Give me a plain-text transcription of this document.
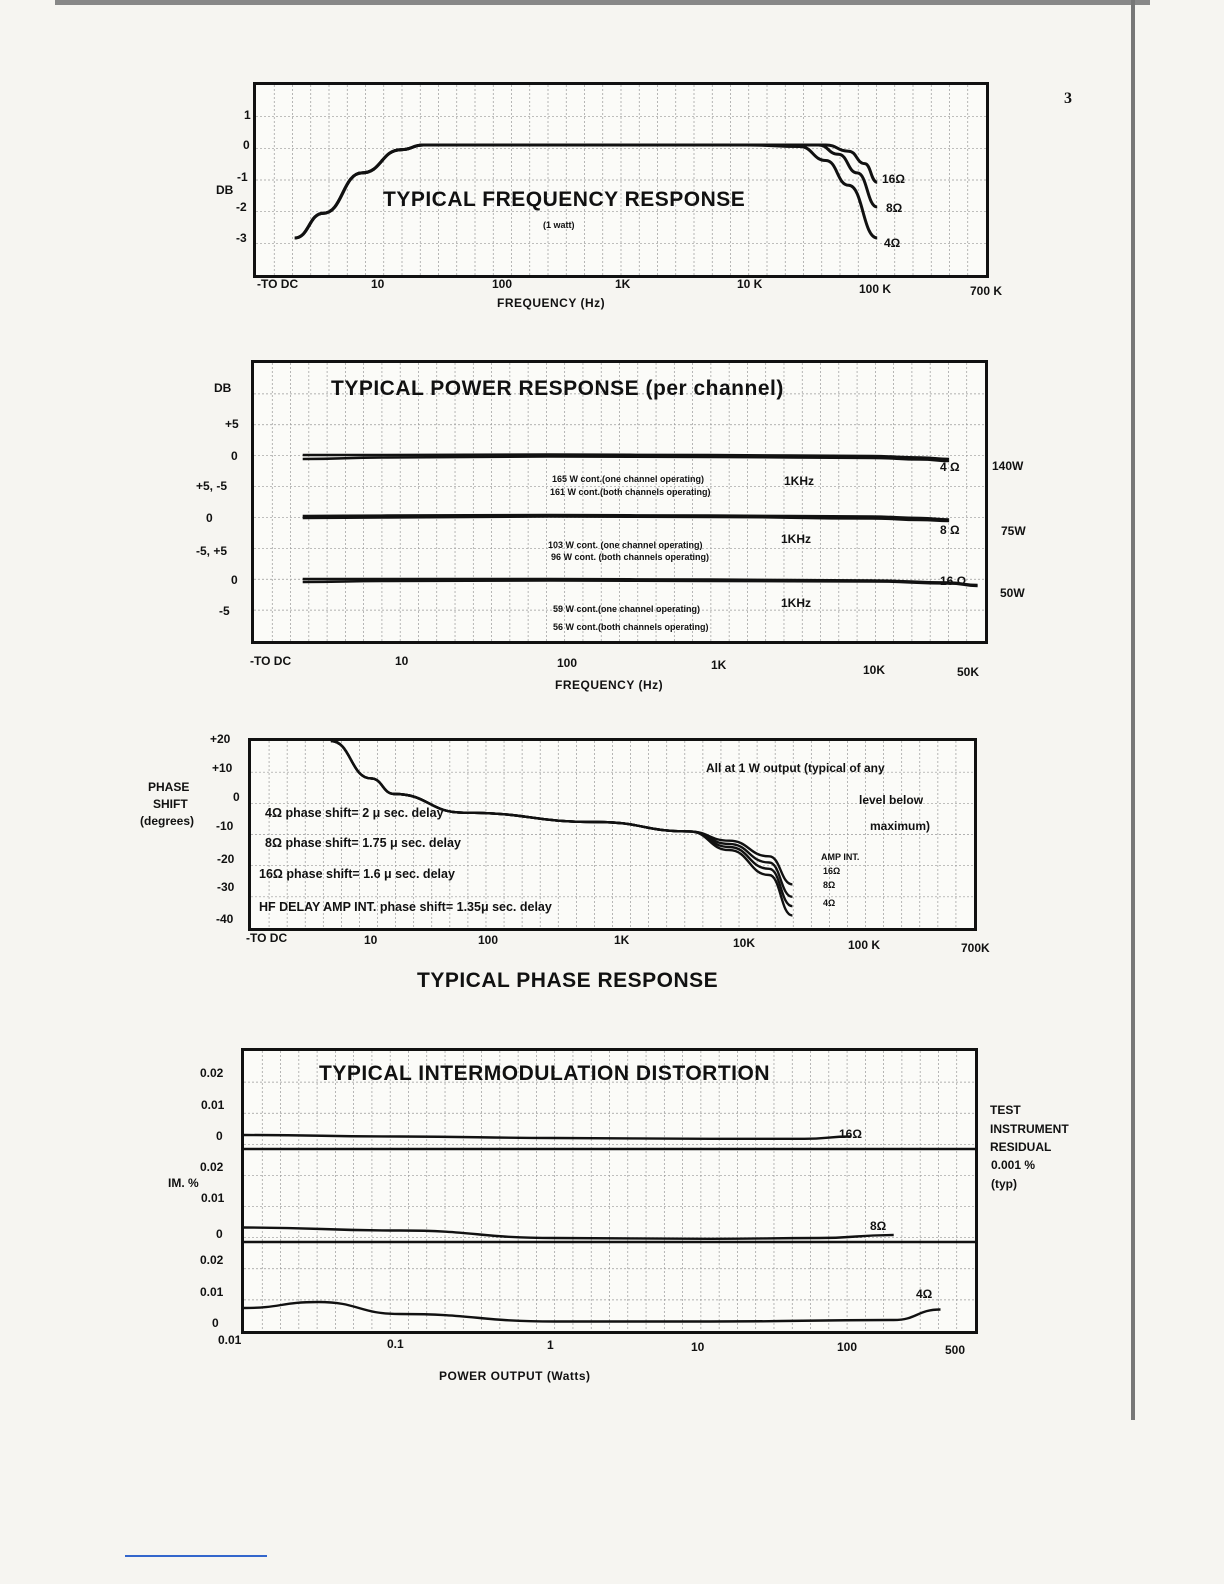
3
TYPICAL FREQUENCY RESPONSE
(1 watt)
DB
1
0
-1
-2
-3
-TO DC	10	100	1K	10 K	100 K	700 K
FREQUENCY (Hz)
16Ω
8Ω
4Ω
TYPICAL POWER RESPONSE (per channel)
DB
+5
0
+5, -5
0
-5, +5
0
-5
-TO DC	10	100	1K	10K	50K
FREQUENCY (Hz)
140W
75W
50W
4 Ω
8 Ω
16 Ω
165 W cont.(one channel operating)
161 W cont.(both channels operating)
1KHz
103 W cont. (one channel operating)
96 W cont. (both channels operating)
1KHz
59 W cont.(one channel operating)
56 W cont.(both channels operating)
1KHz
TYPICAL PHASE RESPONSE
PHASE
SHIFT
(degrees)
+20
+10
0
-10
-20
-30
-40
-TO DC	10	100	1K	10K	100 K	700K
All at 1 W output (typical of any
level below
maximum)
4Ω phase shift= 2 μ sec. delay
8Ω phase shift= 1.75 μ sec. delay
16Ω phase shift= 1.6 μ sec. delay
HF DELAY AMP INT. phase shift= 1.35μ sec. delay
AMP INT.
16Ω
8Ω
4Ω
TYPICAL INTERMODULATION DISTORTION
IM. %
0.02
0.01
0
0.02
0.01
0
0.02
0.01
0
0.01	0.1	1	10	100	500
POWER OUTPUT (Watts)
TEST
INSTRUMENT
RESIDUAL
0.001 %
(typ)
16Ω
8Ω
4Ω
